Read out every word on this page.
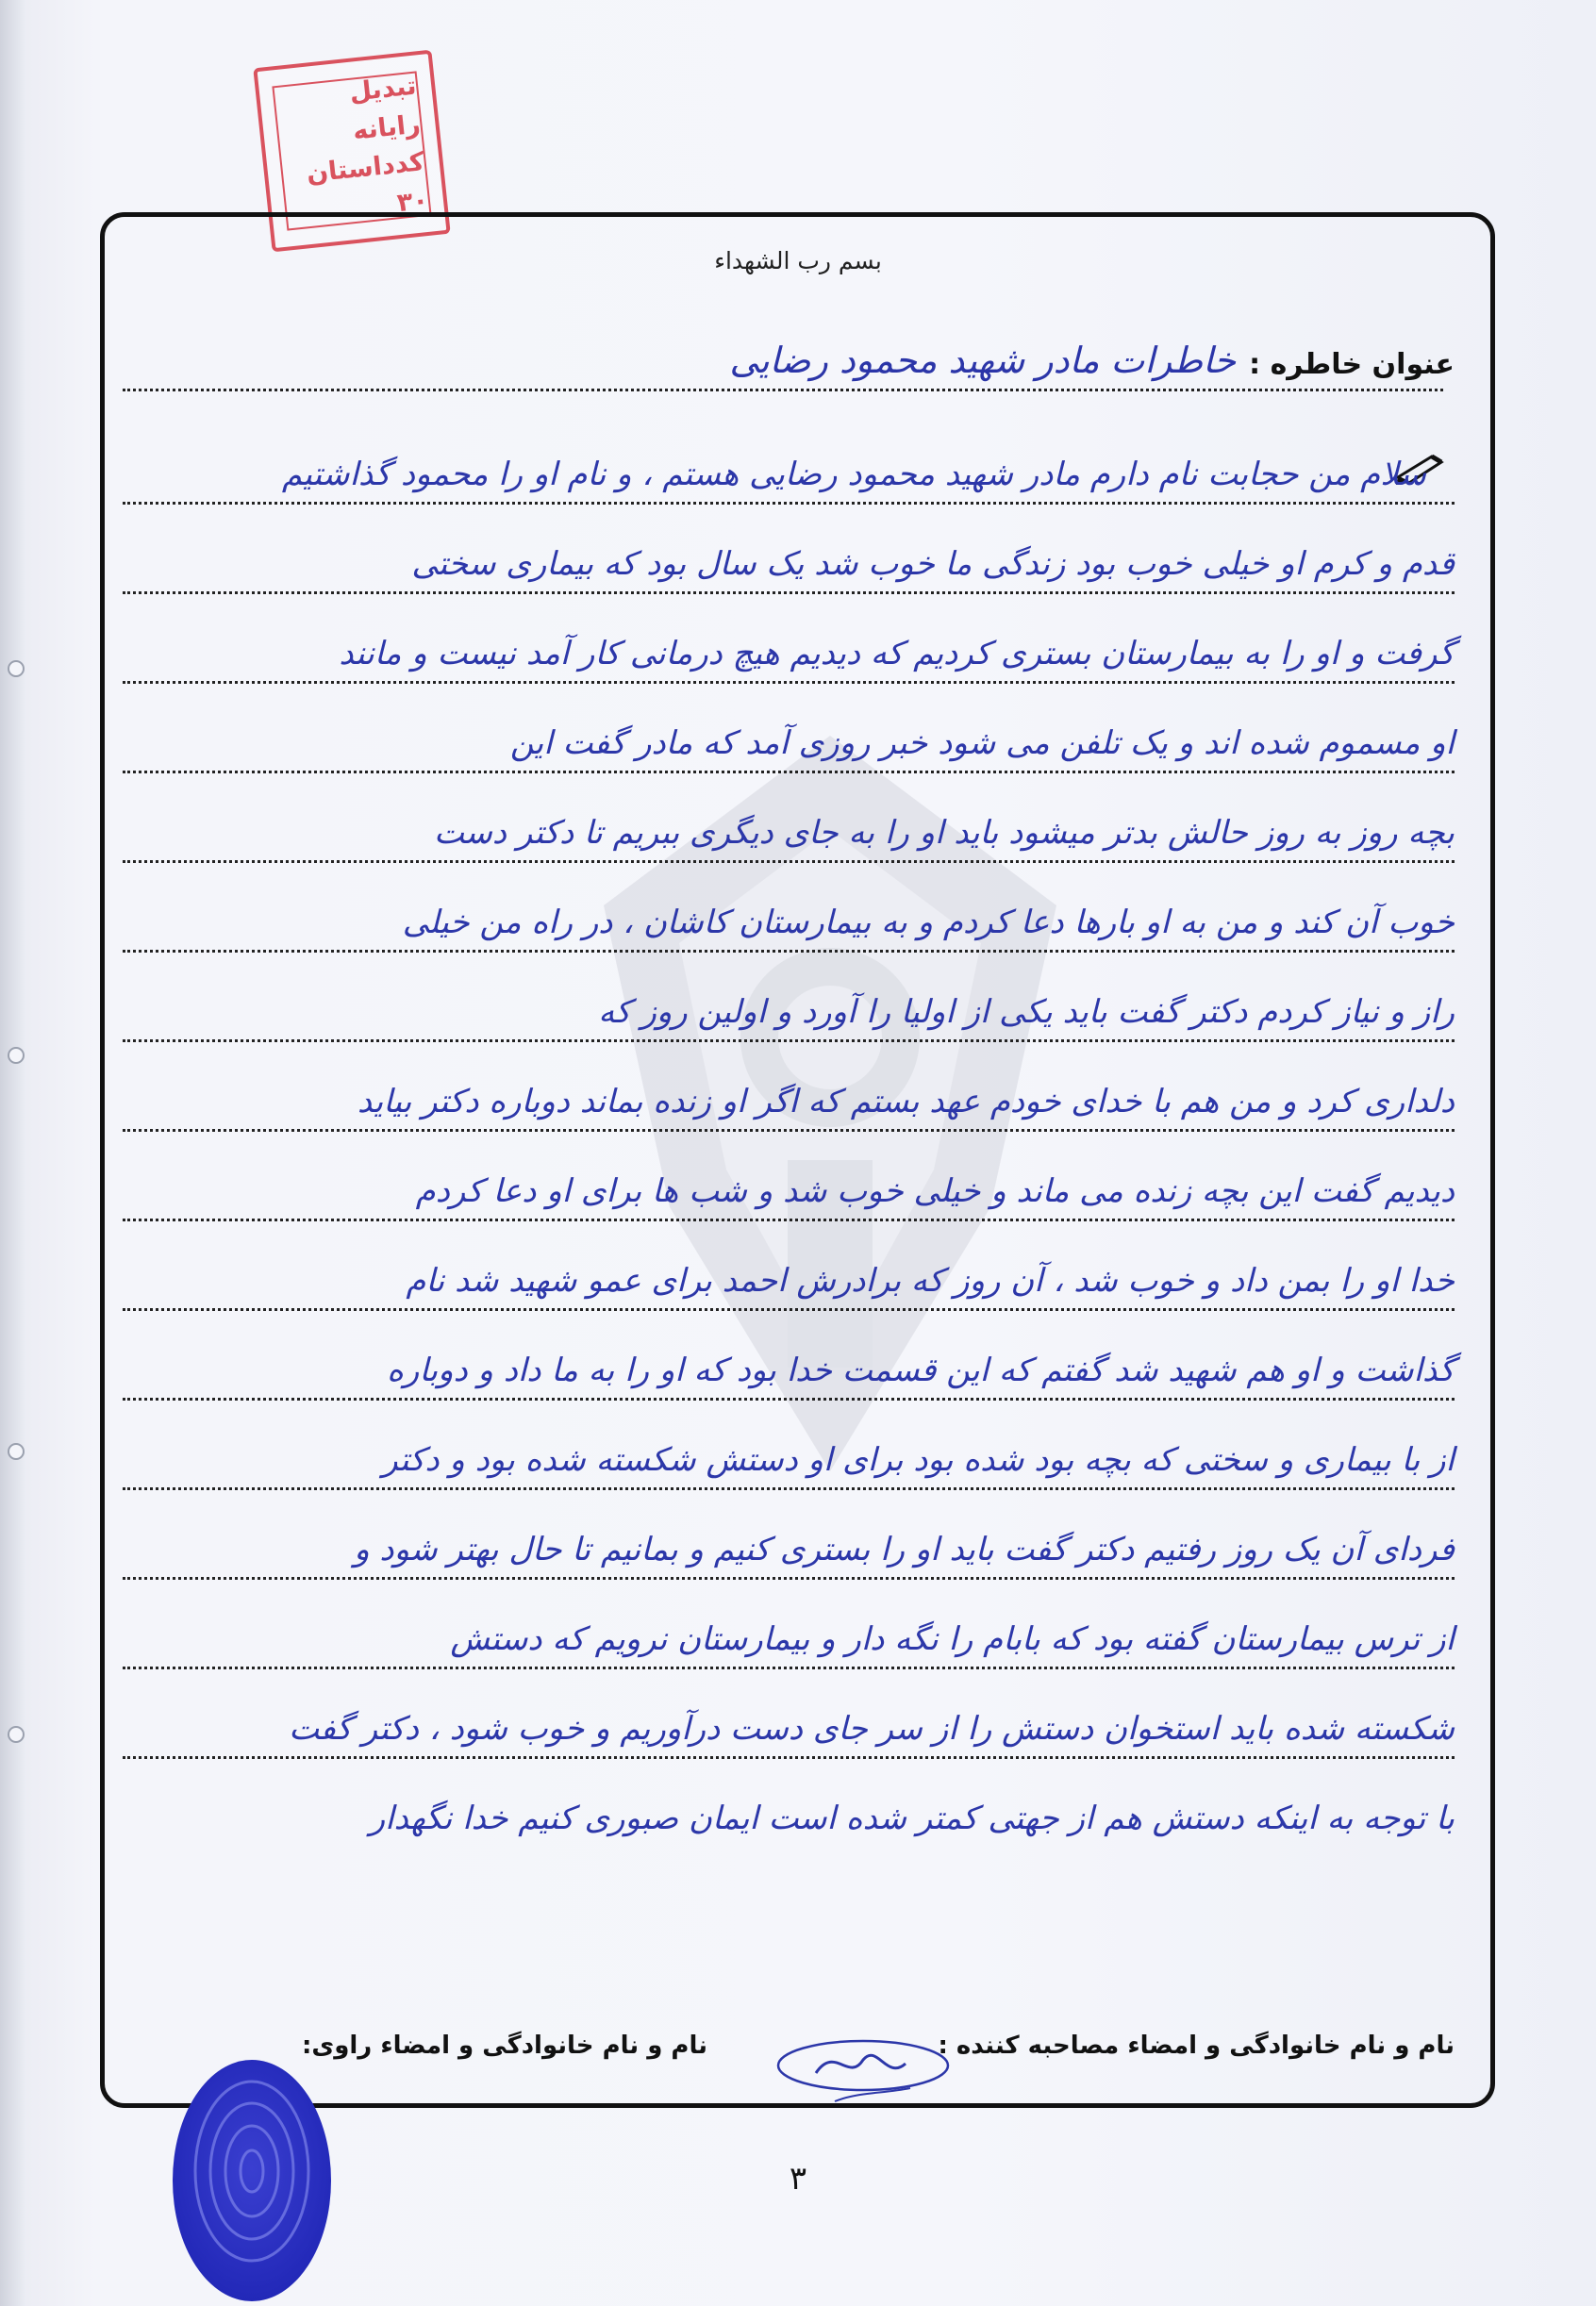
تبدیل رایانه
کدداستان ۳۰
بسم رب الشهداء
عنوان خاطره :
خاطرات مادر شهید محمود رضایی
سلام من حجابت نام دارم مادر شهید محمود رضایی هستم ، و نام او را محمود گذاشتیم
قدم و کرم او خیلی خوب بود زندگی ما خوب شد یک سال بود که بیماری سختی
گرفت و او را به بیمارستان بستری کردیم که دیدیم هیچ درمانی کار آمد نیست و مانند
او مسموم شده اند و یک تلفن می شود خبر روزی آمد که مادر گفت این
بچه روز به روز حالش بدتر میشود باید او را به جای دیگری ببریم تا دکتر دست
خوب آن کند و من به او بارها دعا کردم و به بیمارستان کاشان ، در راه من خیلی
راز و نیاز کردم دکتر گفت باید یکی از اولیا را آورد و اولین روز که
دلداری کرد و من هم با خدای خودم عهد بستم که اگر او زنده بماند دوباره دکتر بیاید
دیدیم گفت این بچه زنده می ماند و خیلی خوب شد و شب ها برای او دعا کردم
خدا او را بمن داد و خوب شد ، آن روز که برادرش احمد برای عمو شهید شد نام
گذاشت و او هم شهید شد گفتم که این قسمت خدا بود که او را به ما داد و دوباره
از با بیماری و سختی که بچه بود شده بود برای او دستش شکسته شده بود و دکتر
فردای آن یک روز رفتیم دکتر گفت باید او را بستری کنیم و بمانیم تا حال بهتر شود و
از ترس بیمارستان گفته بود که بابام را نگه دار و بیمارستان نرویم که دستش
شکسته شده باید استخوان دستش را از سر جای دست درآوریم و خوب شود ، دکتر گفت
با توجه به اینکه دستش هم از جهتی کمتر شده است ایمان صبوری کنیم خدا نگهدار
نام و نام خانوادگی و امضاء مصاحبه کننده :
نام و نام خانوادگی و امضاء راوی:
۳
